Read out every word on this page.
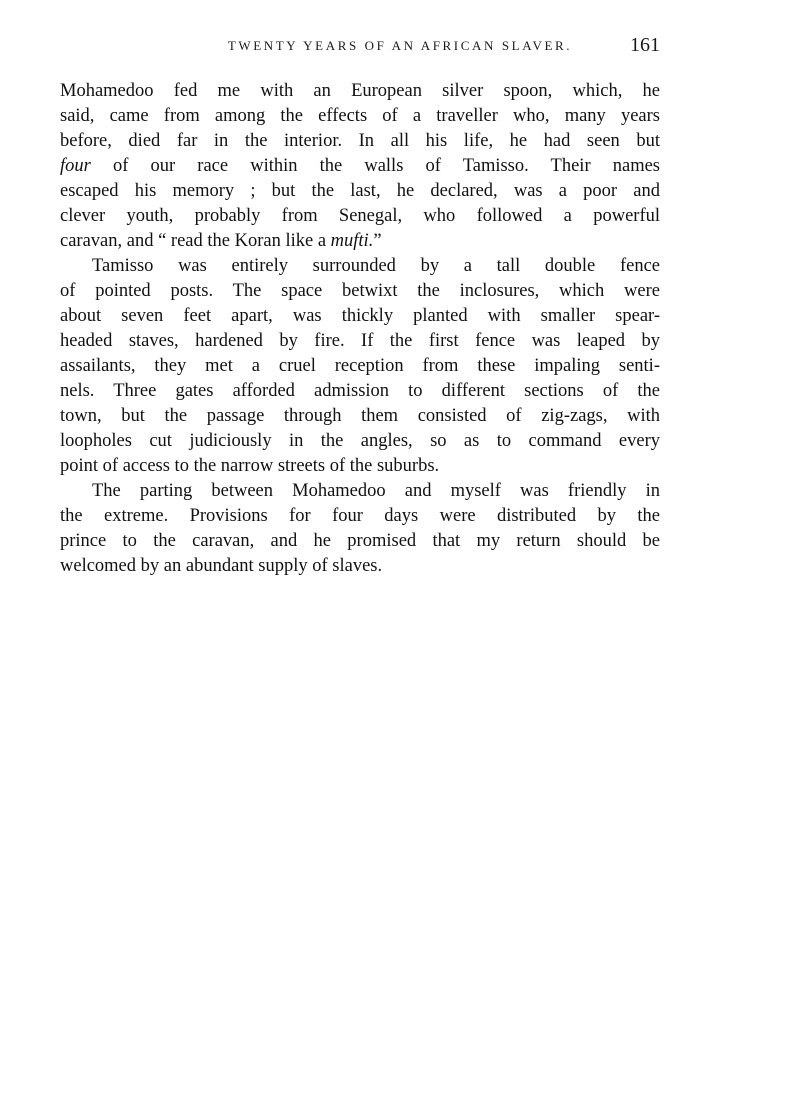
TWENTY YEARS OF AN AFRICAN SLAVER.	161

Mohamedoo fed me with an European silver spoon, which, he
said, came from among the effects of a traveller who, many years
before, died far in the interior. In all his life, he had seen but
four of our race within the walls of Tamisso. Their names
escaped his memory ; but the last, he declared, was a poor and
clever youth, probably from Senegal, who followed a powerful
caravan, and “ read the Koran like a mufti.”

Tamisso was entirely surrounded by a tall double fence
of pointed posts. The space betwixt the inclosures, which were
about seven feet apart, was thickly planted with smaller spear-
headed staves, hardened by fire. If the first fence was leaped by
assailants, they met a cruel reception from these impaling senti-
nels. Three gates afforded admission to different sections of the
town, but the passage through them consisted of zig-zags, with
loopholes cut judiciously in the angles, so as to command every
point of access to the narrow streets of the suburbs.

The parting between Mohamedoo and myself was friendly in
the extreme. Provisions for four days were distributed by the
prince to the caravan, and he promised that my return should be
welcomed by an abundant supply of slaves.
